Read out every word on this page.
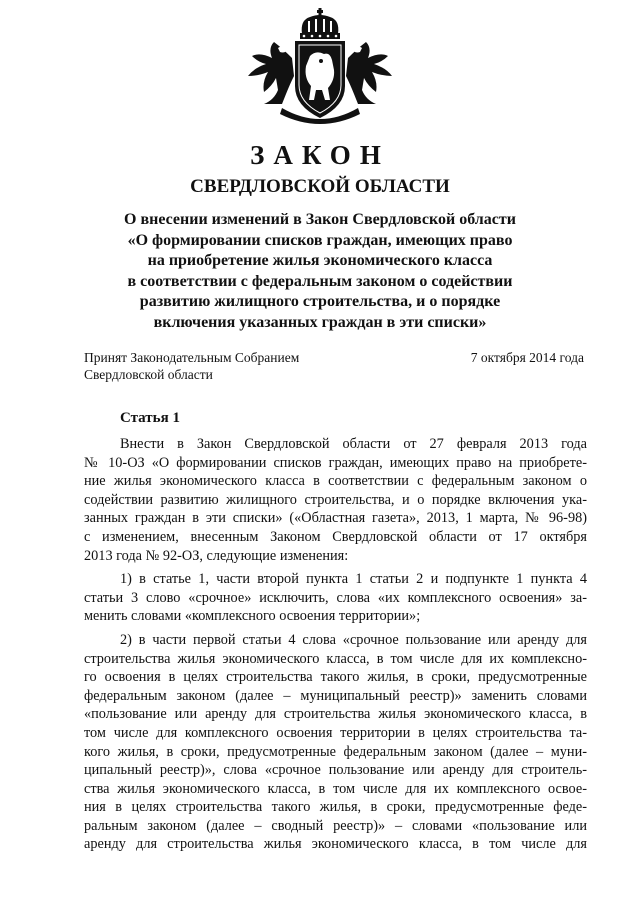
ЗАКОН
СВЕРДЛОВСКОЙ ОБЛАСТИ
О внесении изменений в Закон Свердловской области
«О формировании списков граждан, имеющих право
на приобретение жилья экономического класса
в соответствии с федеральным законом о содействии
развитию жилищного строительства, и о порядке
включения указанных граждан в эти списки»
Принят Законодательным Собранием
Свердловской области
7 октября 2014 года
Статья 1

Внести в Закон Свердловской области от 27 февраля 2013 года
№ 10-ОЗ «О формировании списков граждан, имеющих право на приобрете-
ние жилья экономического класса в соответствии с федеральным законом о
содействии развитию жилищного строительства, и о порядке включения ука-
занных граждан в эти списки» («Областная газета», 2013, 1 марта, № 96-98)
с изменением, внесенным Законом Свердловской области от 17 октября
2013 года № 92-ОЗ, следующие изменения:

1) в статье 1, части второй пункта 1 статьи 2 и подпункте 1 пункта 4
статьи 3 слово «срочное» исключить, слова «их комплексного освоения» за-
менить словами «комплексного освоения территории»;

2) в части первой статьи 4 слова «срочное пользование или аренду для
строительства жилья экономического класса, в том числе для их комплексно-
го освоения в целях строительства такого жилья, в сроки, предусмотренные
федеральным законом (далее – муниципальный реестр)» заменить словами
«пользование или аренду для строительства жилья экономического класса, в
том числе для комплексного освоения территории в целях строительства та-
кого жилья, в сроки, предусмотренные федеральным законом (далее – муни-
ципальный реестр)», слова «срочное пользование или аренду для строитель-
ства жилья экономического класса, в том числе для их комплексного освое-
ния в целях строительства такого жилья, в сроки, предусмотренные феде-
ральным законом (далее – сводный реестр)» – словами «пользование или
аренду для строительства жилья экономического класса, в том числе для
